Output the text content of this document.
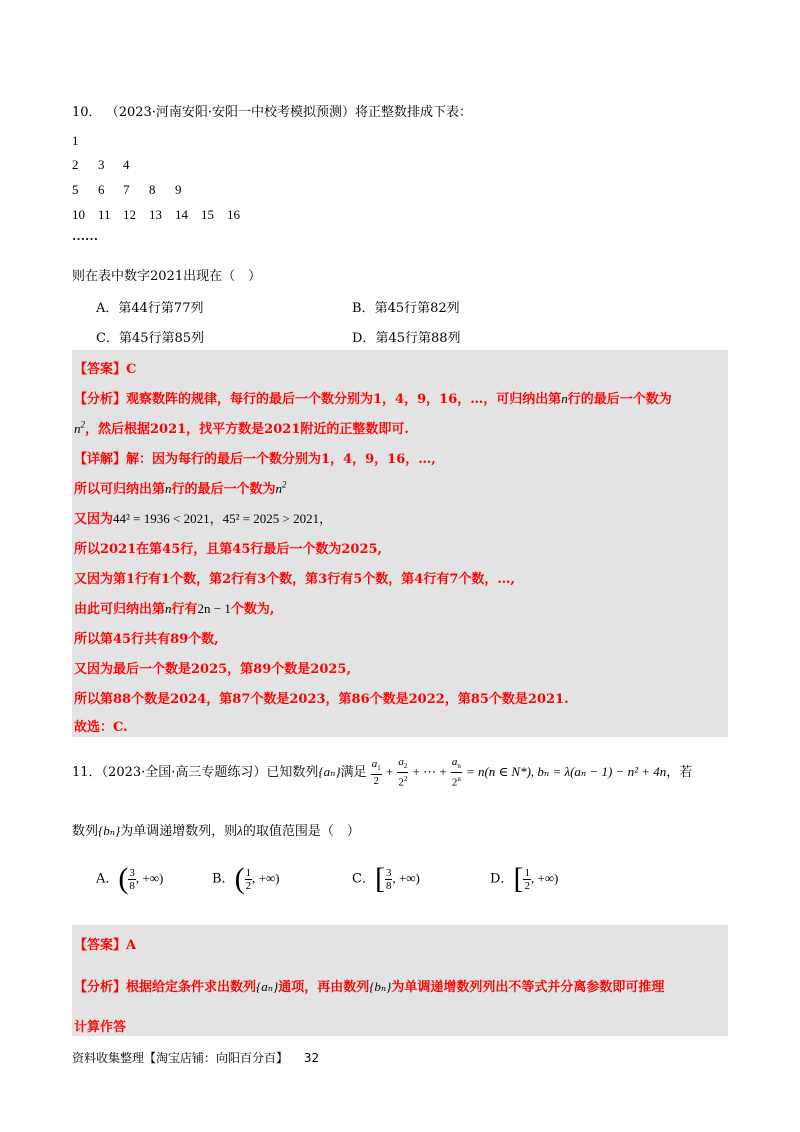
10． （2023·河南安阳·安阳一中校考模拟预测）将正整数排成下表：
1
2 3 4
5 6 7 8 9
10 11 12 13 14 15 16
……
则在表中数字2021出现在（　）
A．第44行第77列	B．第45行第82列
C．第45行第85列	D．第45行第88列
【答案】C
【分析】观察数阵的规律，每行的最后一个数分别为1，4，9，16，…，可归纳出第n行的最后一个数为
$n^2$，然后根据2021，找平方数是2021附近的正整数即可.
【详解】解：因为每行的最后一个数分别为1，4，9，16，…,
所以可归纳出第n行的最后一个数为$n^2$
又因为44² = 1936 < 2021，45² = 2025 > 2021，
所以2021在第45行，且第45行最后一个数为2025,
又因为第1行有1个数，第2行有3个数，第3行有5个数，第4行有7个数，…,
由此可归纳出第n行有2n − 1个数为,
所以第45行共有89个数,
又因为最后一个数是2025，第89个数是2025,
所以第88个数是2024，第87个数是2023，第86个数是2022，第85个数是2021.
故选：C.
11．（2023·全国·高三专题练习）已知数列{aₙ}满足 $\frac{a_1}{2} + \frac{a_2}{2^2}$ + ⋯ + $\frac{a_n}{2^n} = n(n$ ∈ N*), bₙ = λ(aₙ − 1) − n² + 4n，若
数列{bₙ}为单调递增数列，则λ的取值范围是（　）
A．( $\frac{3}{8}$ , +∞)	B．( $\frac{1}{2}$ , +∞)	C．[ $\frac{3}{8}$ , +∞)	D．[ $\frac{1}{2}$ , +∞)
【答案】A
【分析】根据给定条件求出数列{aₙ}通项，再由数列{bₙ}为单调递增数列列出不等式并分离参数即可推理
计算作答
资料收集整理【淘宝店铺：向阳百分百】 32
